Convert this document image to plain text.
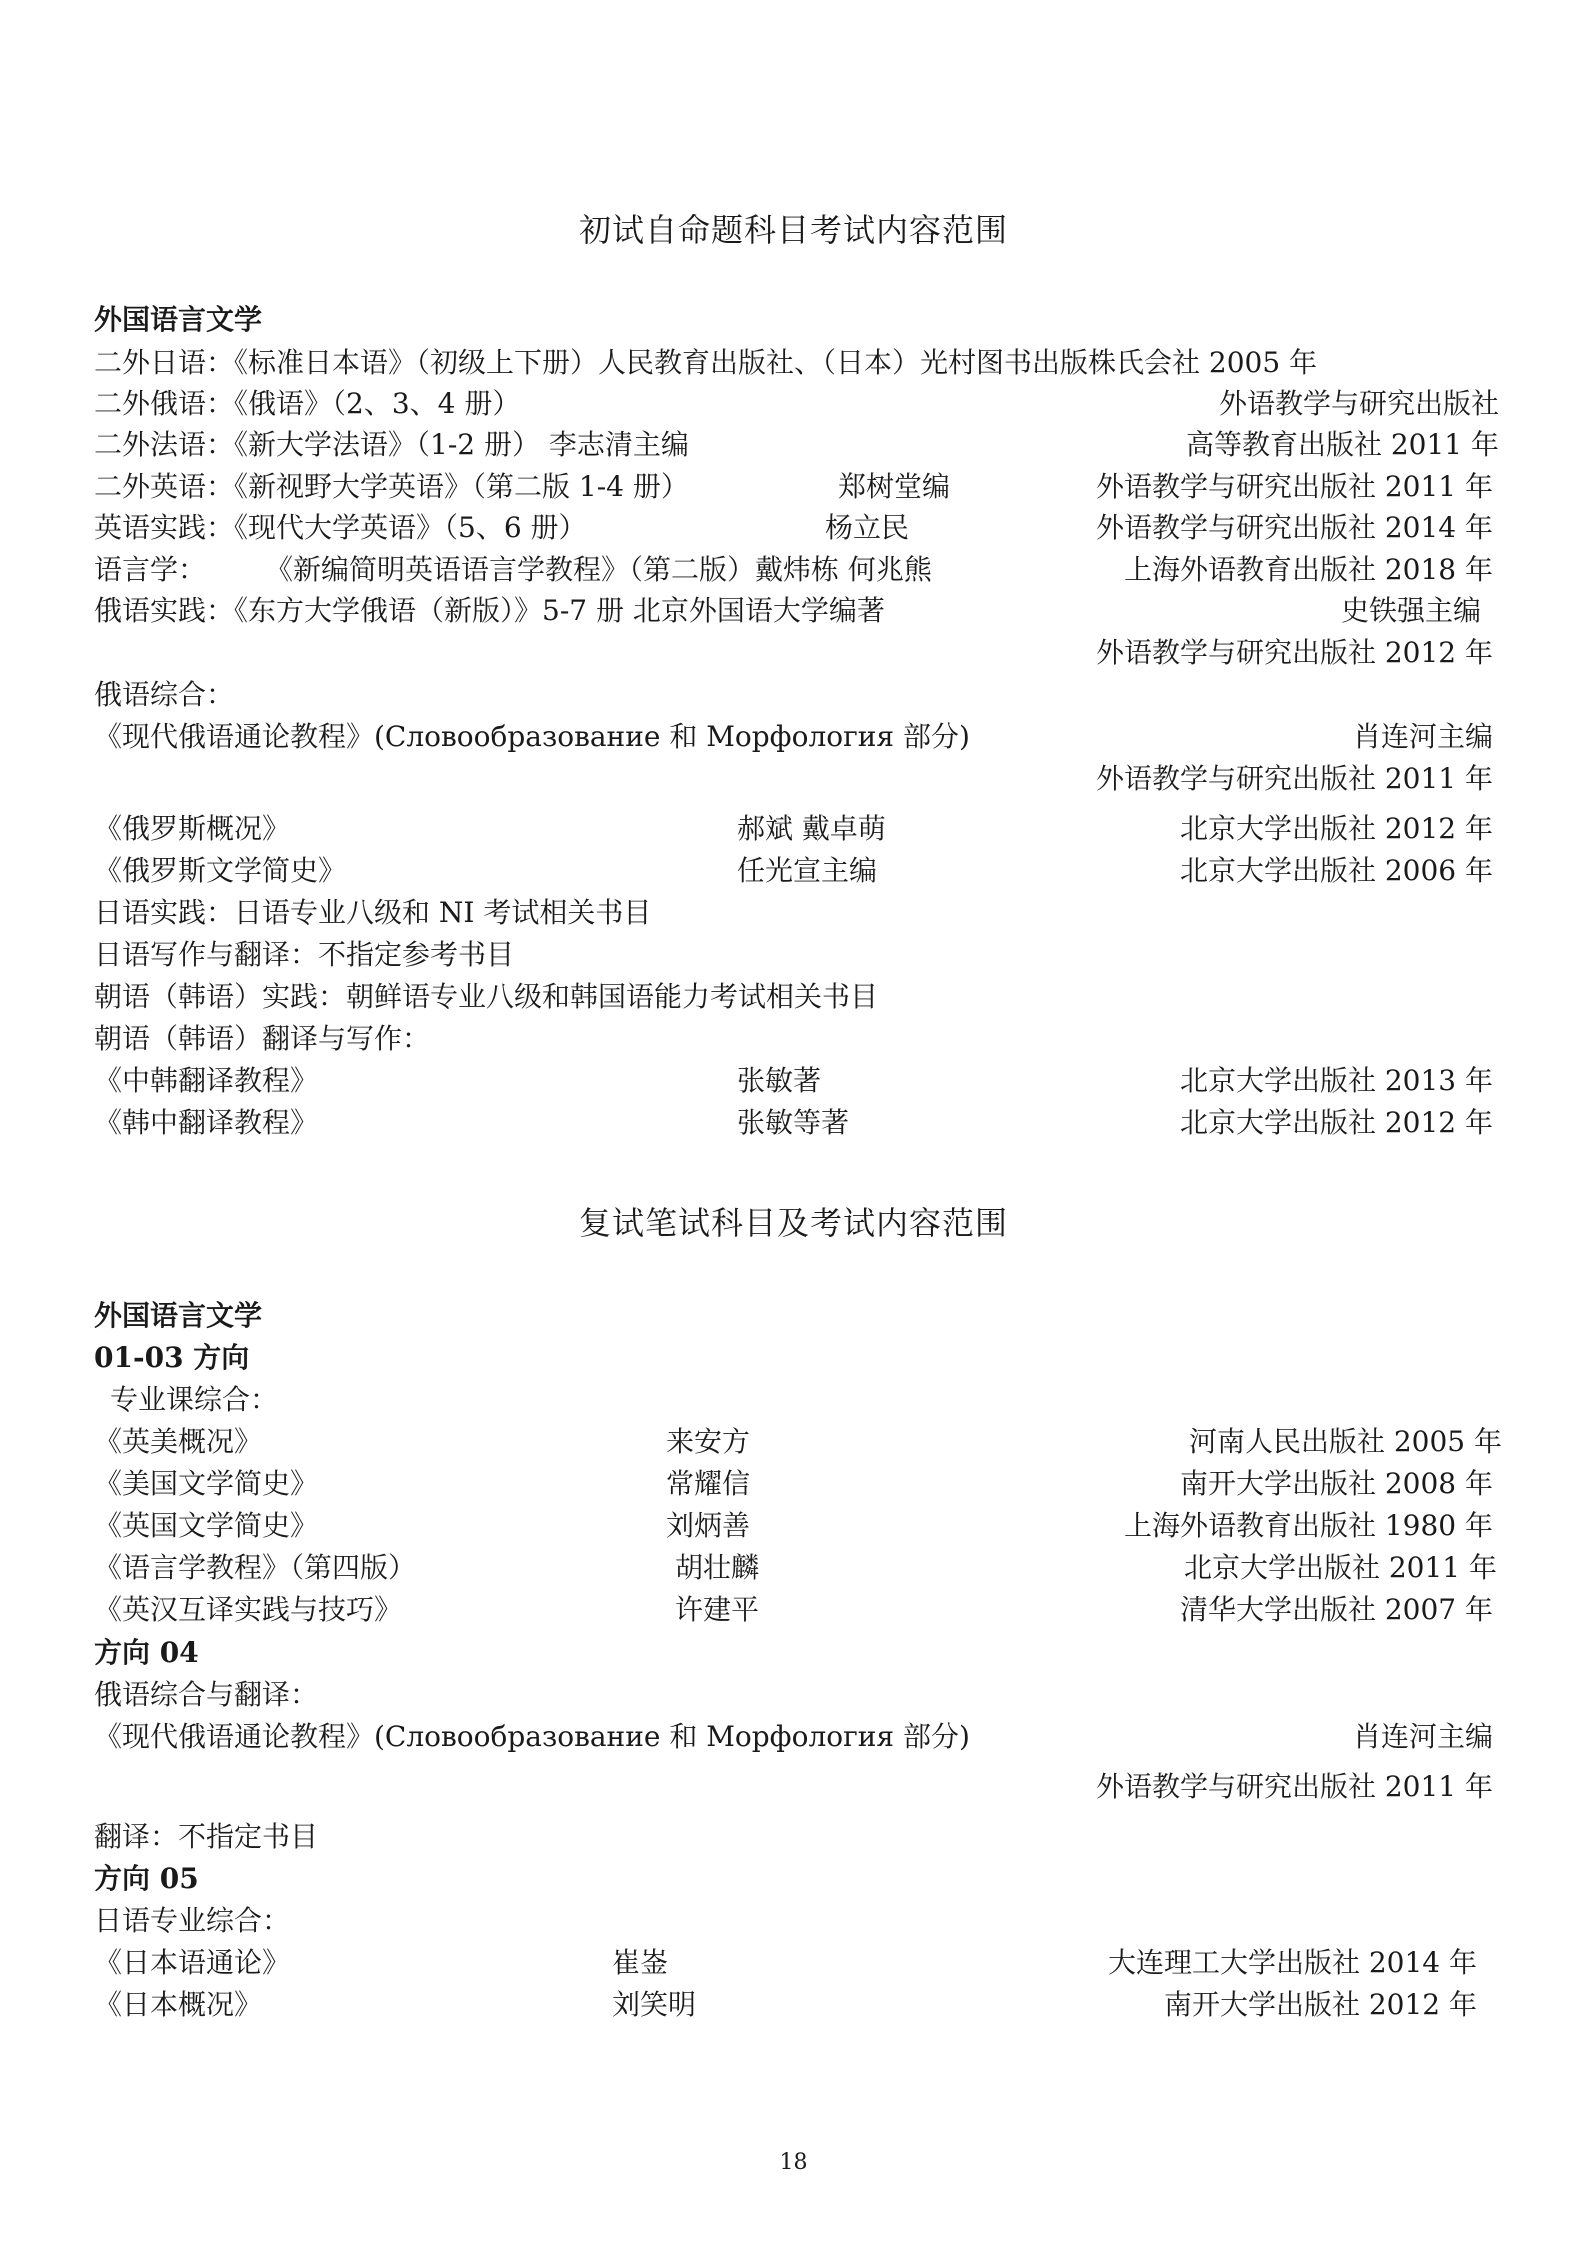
初试自命题科目考试内容范围
外国语言文学
二外日语：《标准日本语》（初级上下册）人民教育出版社、（日本）光村图书出版株氏会社 2005 年
二外俄语：《俄语》（2、3、4 册）	外语教学与研究出版社
二外法语：《新大学法语》（1-2 册） 李志清主编	高等教育出版社 2011 年
二外英语：《新视野大学英语》（第二版 1-4 册）	郑树堂编	外语教学与研究出版社 2011 年
英语实践：《现代大学英语》（5、6 册）	杨立民	外语教学与研究出版社 2014 年
语言学： 《新编简明英语语言学教程》（第二版）戴炜栋 何兆熊	上海外语教育出版社 2018 年
俄语实践：《东方大学俄语（新版）》5-7 册 北京外国语大学编著	史铁强主编
外语教学与研究出版社 2012 年
俄语综合：
《现代俄语通论教程》(Словообразование 和 Морфология 部分)	肖连河主编
外语教学与研究出版社 2011 年
《俄罗斯概况》	郝斌 戴卓萌	北京大学出版社 2012 年
《俄罗斯文学简史》	任光宣主编	北京大学出版社 2006 年
日语实践：日语专业八级和 NI 考试相关书目
日语写作与翻译：不指定参考书目
朝语（韩语）实践：朝鲜语专业八级和韩国语能力考试相关书目
朝语（韩语）翻译与写作：
《中韩翻译教程》	张敏著	北京大学出版社 2013 年
《韩中翻译教程》	张敏等著	北京大学出版社 2012 年
复试笔试科目及考试内容范围
外国语言文学
01-03 方向
专业课综合：
《英美概况》	来安方	河南人民出版社 2005 年
《美国文学简史》	常耀信	南开大学出版社 2008 年
《英国文学简史》	刘炳善	上海外语教育出版社 1980 年
《语言学教程》（第四版）	胡壮麟	北京大学出版社 2011 年
《英汉互译实践与技巧》	许建平	清华大学出版社 2007 年
方向 04
俄语综合与翻译：
《现代俄语通论教程》(Словообразование 和 Морфология 部分)	肖连河主编
外语教学与研究出版社 2011 年
翻译：不指定书目
方向 05
日语专业综合：
《日本语通论》	崔崟	大连理工大学出版社 2014 年
《日本概况》	刘笑明	南开大学出版社 2012 年
18
